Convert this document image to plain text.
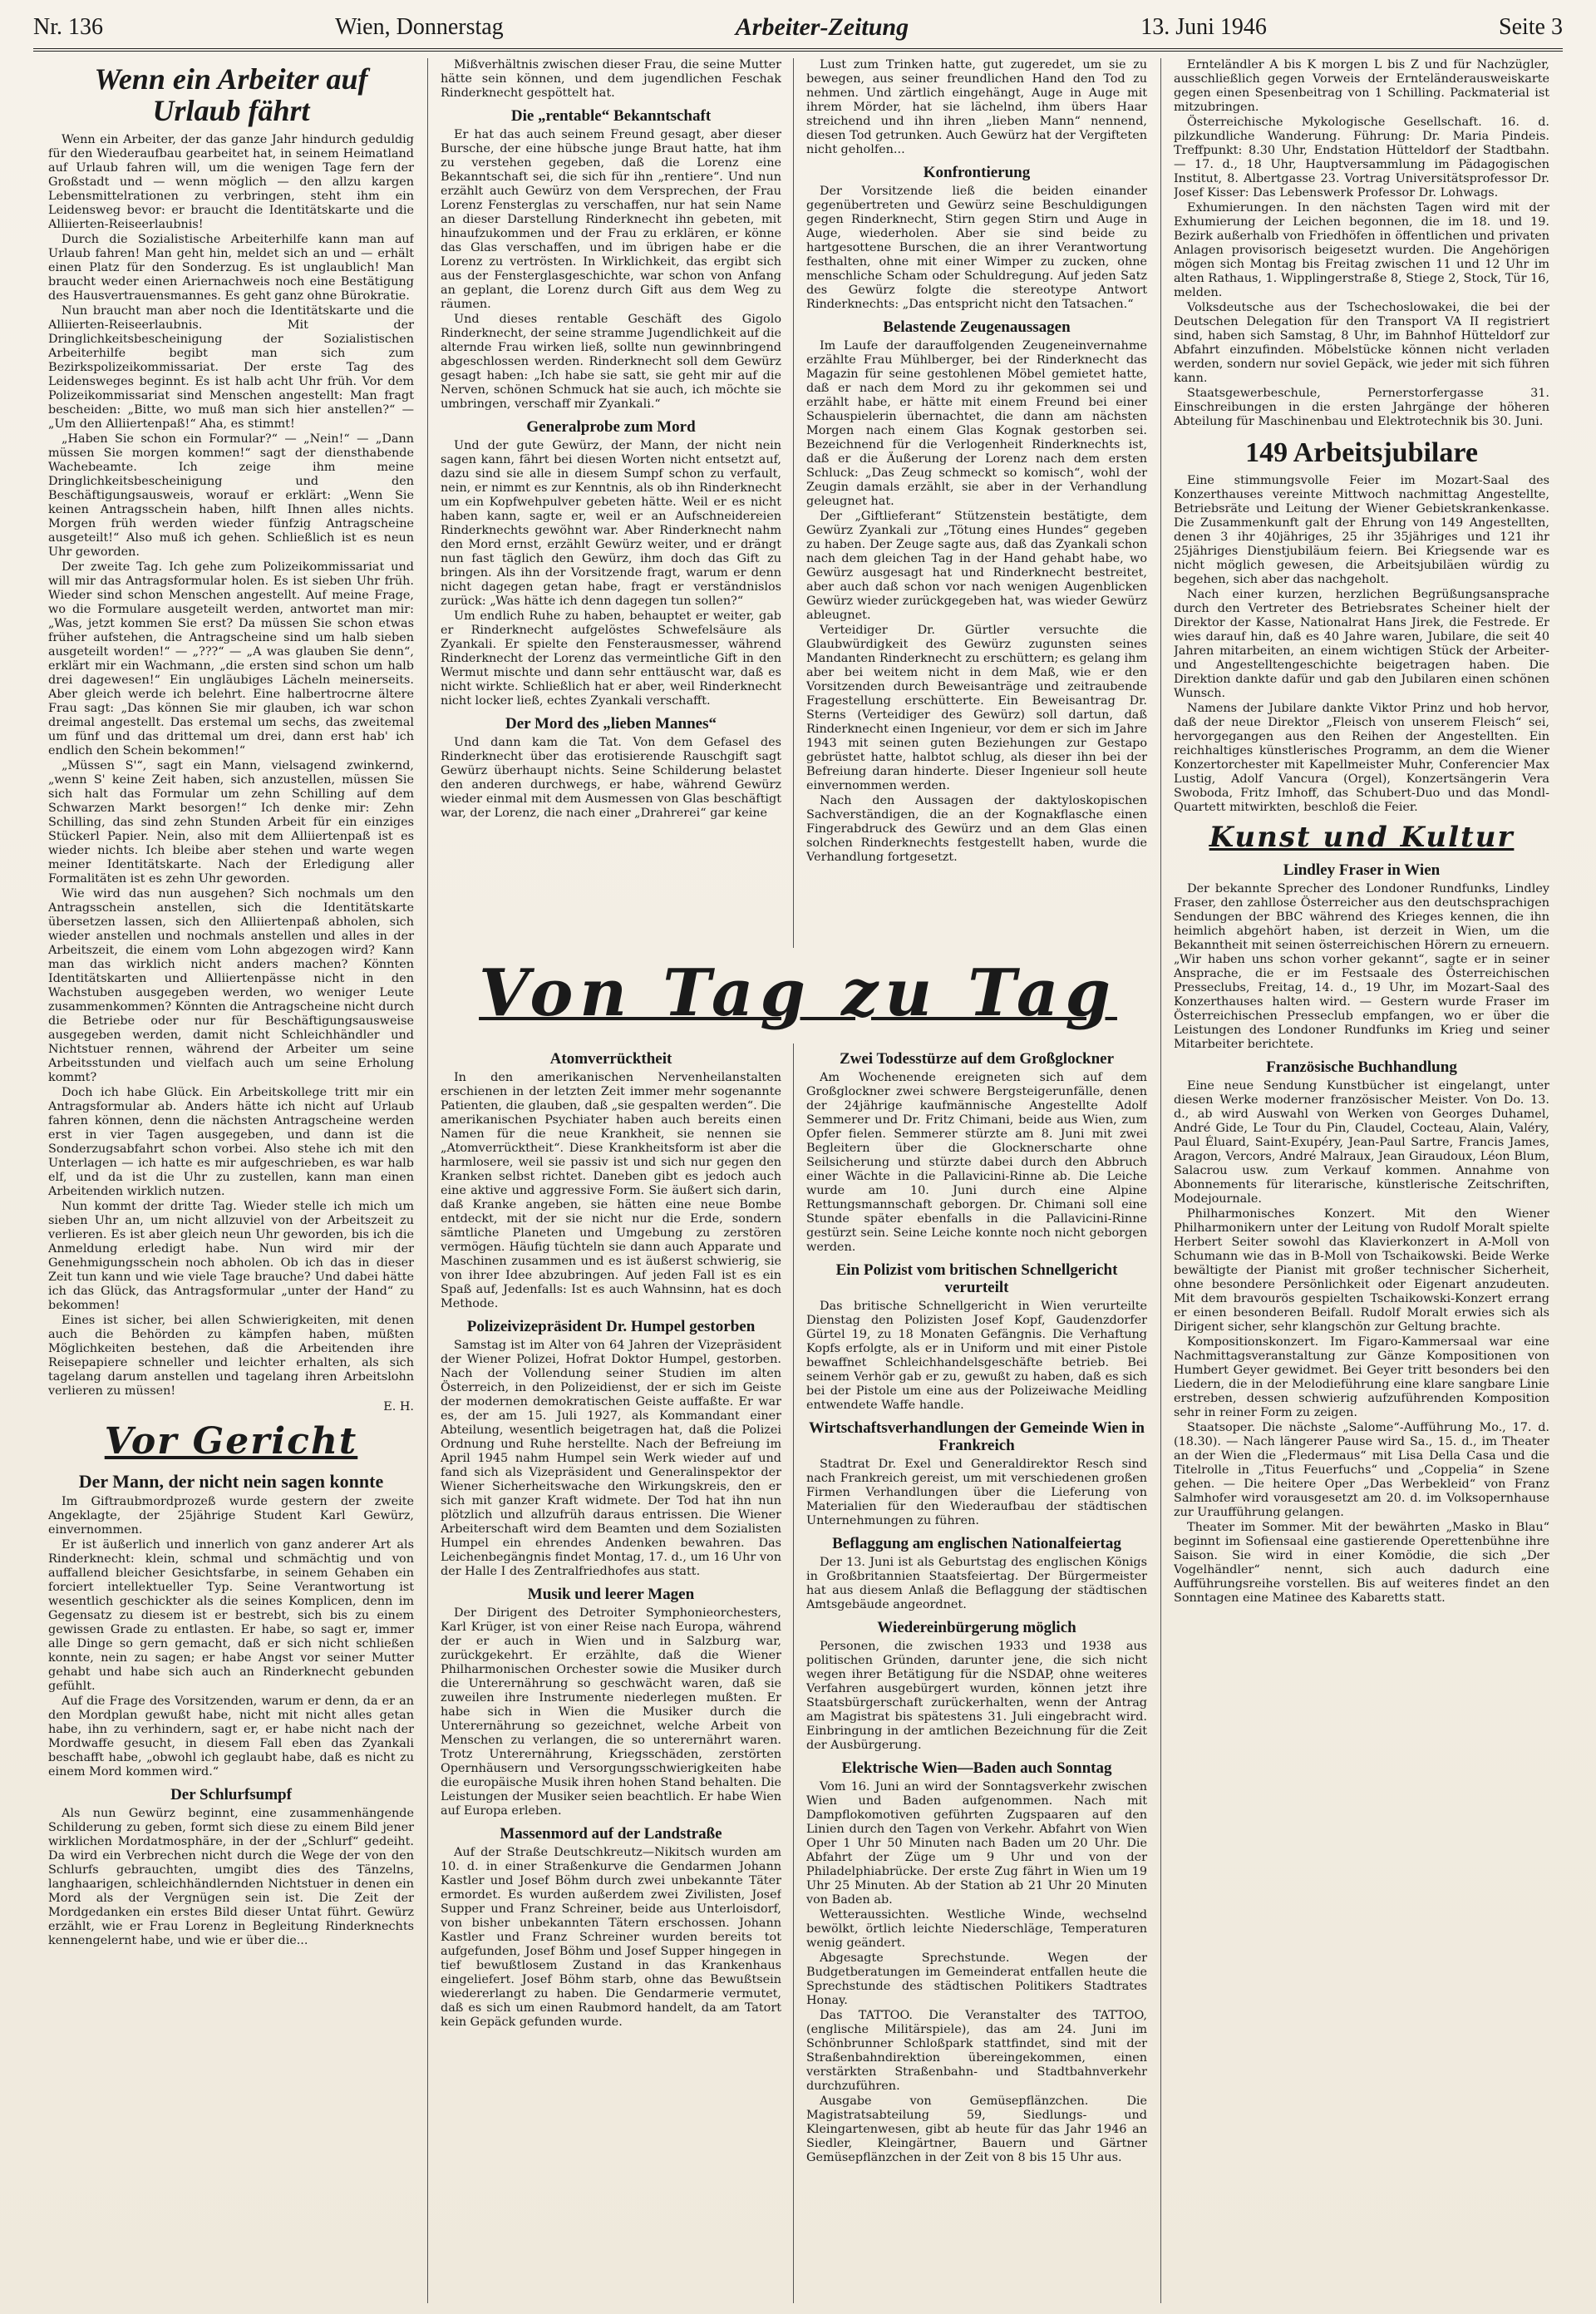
Nr. 136	Wien, Donnerstag	Arbeiter-Zeitung	13. Juni 1946	Seite 3
Wenn ein Arbeiter auf Urlaub fährt

Wenn ein Arbeiter, der das ganze Jahr hindurch geduldig für den Wiederaufbau gearbeitet hat, in seinem Heimatland auf Urlaub fahren will, um die wenigen Tage fern der Großstadt und — wenn möglich — den allzu kargen Lebensmittelrationen zu verbringen, steht ihm ein Leidensweg bevor: er braucht die Identitätskarte und die Alliierten-Reiseerlaubnis!

Durch die Sozialistische Arbeiterhilfe kann man auf Urlaub fahren! Man geht hin, meldet sich an und — erhält einen Platz für den Sonderzug. Es ist unglaublich! Man braucht weder einen Ariernachweis noch eine Bestätigung des Hausvertrauensmannes. Es geht ganz ohne Bürokratie.

Nun braucht man aber noch die Identitätskarte und die Alliierten-Reiseerlaubnis. Mit der Dringlichkeitsbescheinigung der Sozialistischen Arbeiterhilfe begibt man sich zum Bezirkspolizeikommissariat. Der erste Tag des Leidensweges beginnt. Es ist halb acht Uhr früh. Vor dem Polizeikommissariat sind Menschen angestellt: Man fragt bescheiden: „Bitte, wo muß man sich hier anstellen?“ — „Um den Alliiertenpaß!“ Aha, es stimmt!

„Haben Sie schon ein Formular?“ — „Nein!“ — „Dann müssen Sie morgen kommen!“ sagt der diensthabende Wachebeamte. Ich zeige ihm meine Dringlichkeitsbescheinigung und den Beschäftigungsausweis, worauf er erklärt: „Wenn Sie keinen Antragsschein haben, hilft Ihnen alles nichts. Morgen früh werden wieder fünfzig Antragscheine ausgeteilt!“ Also muß ich gehen. Schließlich ist es neun Uhr geworden.

Der zweite Tag. Ich gehe zum Polizeikommissariat und will mir das Antragsformular holen. Es ist sieben Uhr früh. Wieder sind schon Menschen angestellt. Auf meine Frage, wo die Formulare ausgeteilt werden, antwortet man mir: „Was, jetzt kommen Sie erst? Da müssen Sie schon etwas früher aufstehen, die Antragscheine sind um halb sieben ausgeteilt worden!“ — „???“ — „A was glauben Sie denn“, erklärt mir ein Wachmann, „die ersten sind schon um halb drei dagewesen!“ Ein ungläubiges Lächeln meinerseits. Aber gleich werde ich belehrt. Eine halbertrocrne ältere Frau sagt: „Das können Sie mir glauben, ich war schon dreimal angestellt. Das erstemal um sechs, das zweitemal um fünf und das drittemal um drei, dann erst hab' ich endlich den Schein bekommen!“

„Müssen S'“, sagt ein Mann, vielsagend zwinkernd, „wenn S' keine Zeit haben, sich anzustellen, müssen Sie sich halt das Formular um zehn Schilling auf dem Schwarzen Markt besorgen!“ Ich denke mir: Zehn Schilling, das sind zehn Stunden Arbeit für ein einziges Stückerl Papier. Nein, also mit dem Alliiertenpaß ist es wieder nichts. Ich bleibe aber stehen und warte wegen meiner Identitätskarte. Nach der Erledigung aller Formalitäten ist es zehn Uhr geworden.

Wie wird das nun ausgehen? Sich nochmals um den Antragsschein anstellen, sich die Identitätskarte übersetzen lassen, sich den Alliiertenpaß abholen, sich wieder anstellen und nochmals anstellen und alles in der Arbeitszeit, die einem vom Lohn abgezogen wird? Kann man das wirklich nicht anders machen? Könnten Identitätskarten und Alliiertenpässe nicht in den Wachstuben ausgegeben werden, wo weniger Leute zusammenkommen? Könnten die Antragscheine nicht durch die Betriebe oder nur für Beschäftigungsausweise ausgegeben werden, damit nicht Schleichhändler und Nichtstuer rennen, während der Arbeiter um seine Arbeitsstunden und vielfach auch um seine Erholung kommt?

Doch ich habe Glück. Ein Arbeitskollege tritt mir ein Antragsformular ab. Anders hätte ich nicht auf Urlaub fahren können, denn die nächsten Antragscheine werden erst in vier Tagen ausgegeben, und dann ist die Sonderzugsabfahrt schon vorbei. Also stehe ich mit den Unterlagen — ich hatte es mir aufgeschrieben, es war halb elf, und da ist die Uhr zu zustellen, kann man einen Arbeitenden wirklich nutzen.

Nun kommt der dritte Tag. Wieder stelle ich mich um sieben Uhr an, um nicht allzuviel von der Arbeitszeit zu verlieren. Es ist aber gleich neun Uhr geworden, bis ich die Anmeldung erledigt habe. Nun wird mir der Genehmigungsschein noch abholen. Ob ich das in dieser Zeit tun kann und wie viele Tage brauche? Und dabei hätte ich das Glück, das Antragsformular „unter der Hand“ zu bekommen!

Eines ist sicher, bei allen Schwierigkeiten, mit denen auch die Behörden zu kämpfen haben, müßten Möglichkeiten bestehen, daß die Arbeitenden ihre Reisepapiere schneller und leichter erhalten, als sich tagelang darum anstellen und tagelang ihren Arbeitslohn verlieren zu müssen!

E. H.
Vor Gericht
Der Mann, der nicht nein sagen konnte

Im Giftraubmordprozeß wurde gestern der zweite Angeklagte, der 25jährige Student Karl Gewürz, einvernommen.

Er ist äußerlich und innerlich von ganz anderer Art als Rinderknecht: klein, schmal und schmächtig und von auffallend bleicher Gesichtsfarbe, in seinem Gehaben ein forciert intellektueller Typ. Seine Verantwortung ist wesentlich geschickter als die seines Komplicen, denn im Gegensatz zu diesem ist er bestrebt, sich bis zu einem gewissen Grade zu entlasten. Er habe, so sagt er, immer alle Dinge so gern gemacht, daß er sich nicht schließen konnte, nein zu sagen; er habe Angst vor seiner Mutter gehabt und habe sich auch an Rinderknecht gebunden gefühlt.

Auf die Frage des Vorsitzenden, warum er denn, da er an den Mordplan gewußt habe, nicht mit nicht alles getan habe, ihn zu verhindern, sagt er, er habe nicht nach der Mordwaffe gesucht, in diesem Fall eben das Zyankali beschafft habe, „obwohl ich geglaubt habe, daß es nicht zu einem Mord kommen wird.“

Der Schlurfsumpf

Als nun Gewürz beginnt, eine zusammenhängende Schilderung zu geben, formt sich diese zu einem Bild jener wirklichen Mordatmosphäre, in der der „Schlurf“ gedeiht. Da wird ein Verbrechen nicht durch die Wege der von den Schlurfs gebrauchten, umgibt dies des Tänzelns, langhaarigen, schleichhändlernden Nichtstuer in denen ein Mord als der Vergnügen sein ist. Die Zeit der Mordgedanken ein erstes Bild dieser Untat führt. Gewürz erzählt, wie er Frau Lorenz in Begleitung Rinderknechts kennengelernt habe, und wie er über die...

Mißverhältnis zwischen dieser Frau, die seine Mutter hätte sein können, und dem jugendlichen Feschak Rinderknecht gespöttelt hat.

Die „rentable“ Bekanntschaft

Er hat das auch seinem Freund gesagt, aber dieser Bursche, der eine hübsche junge Braut hatte, hat ihm zu verstehen gegeben, daß die Lorenz eine Bekanntschaft sei, die sich für ihn „rentiere“. Und nun erzählt auch Gewürz von dem Versprechen, der Frau Lorenz Fensterglas zu verschaffen, nur hat sein Name an dieser Darstellung Rinderknecht ihn gebeten, mit hinaufzukommen und der Frau zu erklären, er könne das Glas verschaffen, und im übrigen habe er die Lorenz zu vertrösten. In Wirklichkeit, das ergibt sich aus der Fensterglasgeschichte, war schon von Anfang an geplant, die Lorenz durch Gift aus dem Weg zu räumen.

Und dieses rentable Geschäft des Gigolo Rinderknecht, der seine stramme Jugendlichkeit auf die alternde Frau wirken ließ, sollte nun gewinnbringend abgeschlossen werden. Rinderknecht soll dem Gewürz gesagt haben: „Ich habe sie satt, sie geht mir auf die Nerven, schönen Schmuck hat sie auch, ich möchte sie umbringen, verschaff mir Zyankali.“

Generalprobe zum Mord

Und der gute Gewürz, der Mann, der nicht nein sagen kann, fährt bei diesen Worten nicht entsetzt auf, dazu sind sie alle in diesem Sumpf schon zu verfault, nein, er nimmt es zur Kenntnis, als ob ihn Rinderknecht um ein Kopfwehpulver gebeten hätte. Weil er es nicht haben kann, sagte er, weil er an Aufschneidereien Rinderknechts gewöhnt war. Aber Rinderknecht nahm den Mord ernst, erzählt Gewürz weiter, und er drängt nun fast täglich den Gewürz, ihm doch das Gift zu bringen. Als ihn der Vorsitzende fragt, warum er denn nicht dagegen getan habe, fragt er verständnislos zurück: „Was hätte ich denn dagegen tun sollen?“

Um endlich Ruhe zu haben, behauptet er weiter, gab er Rinderknecht aufgelöstes Schwefelsäure als Zyankali. Er spielte den Fensterausmesser, während Rinderknecht der Lorenz das vermeintliche Gift in den Wermut mischte und dann sehr enttäuscht war, daß es nicht wirkte. Schließlich hat er aber, weil Rinderknecht nicht locker ließ, echtes Zyankali verschafft.

Der Mord des „lieben Mannes“

Und dann kam die Tat. Von dem Gefasel des Rinderknecht über das erotisierende Rauschgift sagt Gewürz überhaupt nichts. Seine Schilderung belastet den anderen durchwegs, er habe, während Gewürz wieder einmal mit dem Ausmessen von Glas beschäftigt war, der Lorenz, die nach einer „Drahrerei“ gar keine

Lust zum Trinken hatte, gut zugeredet, um sie zu bewegen, aus seiner freundlichen Hand den Tod zu nehmen. Und zärtlich eingehängt, Auge in Auge mit ihrem Mörder, hat sie lächelnd, ihm übers Haar streichend und ihn ihren „lieben Mann“ nennend, diesen Tod getrunken. Auch Gewürz hat der Vergifteten nicht geholfen...

Konfrontierung

Der Vorsitzende ließ die beiden einander gegenübertreten und Gewürz seine Beschuldigungen gegen Rinderknecht, Stirn gegen Stirn und Auge in Auge, wiederholen. Aber sie sind beide zu hartgesottene Burschen, die an ihrer Verantwortung festhalten, ohne mit einer Wimper zu zucken, ohne menschliche Scham oder Schuldregung. Auf jeden Satz des Gewürz folgte die stereotype Antwort Rinderknechts: „Das entspricht nicht den Tatsachen.“

Belastende Zeugenaussagen

Im Laufe der darauffolgenden Zeugeneinvernahme erzählte Frau Mühlberger, bei der Rinderknecht das Magazin für seine gestohlenen Möbel gemietet hatte, daß er nach dem Mord zu ihr gekommen sei und erzählt habe, er hätte mit einem Freund bei einer Schauspielerin übernachtet, die dann am nächsten Morgen nach einem Glas Kognak gestorben sei. Bezeichnend für die Verlogenheit Rinderknechts ist, daß er die Äußerung der Lorenz nach dem ersten Schluck: „Das Zeug schmeckt so komisch“, wohl der Zeugin damals erzählt, sie aber in der Verhandlung geleugnet hat.

Der „Giftlieferant“ Stützenstein bestätigte, dem Gewürz Zyankali zur „Tötung eines Hundes“ gegeben zu haben. Der Zeuge sagte aus, daß das Zyankali schon nach dem gleichen Tag in der Hand gehabt habe, wo Gewürz ausgesagt hat und Rinderknecht bestreitet, aber auch daß schon vor nach wenigen Augenblicken Gewürz wieder zurückgegeben hat, was wieder Gewürz ableugnet.

Verteidiger Dr. Gürtler versuchte die Glaubwürdigkeit des Gewürz zugunsten seines Mandanten Rinderknecht zu erschüttern; es gelang ihm aber bei weitem nicht in dem Maß, wie er den Vorsitzenden durch Beweisanträge und zeitraubende Fragestellung erschütterte. Ein Beweisantrag Dr. Sterns (Verteidiger des Gewürz) soll dartun, daß Rinderknecht einen Ingenieur, vor dem er sich im Jahre 1943 mit seinen guten Beziehungen zur Gestapo gebrüstet hatte, halbtot schlug, als dieser ihn bei der Befreiung daran hinderte. Dieser Ingenieur soll heute einvernommen werden.

Nach den Aussagen der daktyloskopischen Sachverständigen, die an der Kognakflasche einen Fingerabdruck des Gewürz und an dem Glas einen solchen Rinderknechts festgestellt haben, wurde die Verhandlung fortgesetzt.

Von Tag zu Tag
Atomverrücktheit

In den amerikanischen Nervenheilanstalten erschienen in der letzten Zeit immer mehr sogenannte Patienten, die glauben, daß „sie gespalten werden“. Die amerikanischen Psychiater haben auch bereits einen Namen für die neue Krankheit, sie nennen sie „Atomverrücktheit“. Diese Krankheitsform ist aber die harmlosere, weil sie passiv ist und sich nur gegen den Kranken selbst richtet. Daneben gibt es jedoch auch eine aktive und aggressive Form. Sie äußert sich darin, daß Kranke angeben, sie hätten eine neue Bombe entdeckt, mit der sie nicht nur die Erde, sondern sämtliche Planeten und Umgebung zu zerstören vermögen. Häufig tüchteln sie dann auch Apparate und Maschinen zusammen und es ist äußerst schwierig, sie von ihrer Idee abzubringen. Auf jeden Fall ist es ein Spaß auf, Jedenfalls: Ist es auch Wahnsinn, hat es doch Methode.

Polizeivizepräsident Dr. Humpel gestorben

Samstag ist im Alter von 64 Jahren der Vizepräsident der Wiener Polizei, Hofrat Doktor Humpel, gestorben. Nach der Vollendung seiner Studien im alten Österreich, in den Polizeidienst, der er sich im Geiste der modernen demokratischen Geiste auffaßte. Er war es, der am 15. Juli 1927, als Kommandant einer Abteilung, wesentlich beigetragen hat, daß die Polizei Ordnung und Ruhe herstellte. Nach der Befreiung im April 1945 nahm Humpel sein Werk wieder auf und fand sich als Vizepräsident und Generalinspektor der Wiener Sicherheitswache den Wirkungskreis, den er sich mit ganzer Kraft widmete. Der Tod hat ihn nun plötzlich und allzufrüh daraus entrissen. Die Wiener Arbeiterschaft wird dem Beamten und dem Sozialisten Humpel ein ehrendes Andenken bewahren. Das Leichenbegängnis findet Montag, 17. d., um 16 Uhr von der Halle I des Zentralfriedhofes aus statt.

Musik und leerer Magen

Der Dirigent des Detroiter Symphonieorchesters, Karl Krüger, ist von einer Reise nach Europa, während der er auch in Wien und in Salzburg war, zurückgekehrt. Er erzählte, daß die Wiener Philharmonischen Orchester sowie die Musiker durch die Unterernährung so geschwächt waren, daß sie zuweilen ihre Instrumente niederlegen mußten. Er habe sich in Wien die Musiker durch die Unterernährung so gezeichnet, welche Arbeit von Menschen zu verlangen, die so unterernährt waren. Trotz Unterernährung, Kriegsschäden, zerstörten Opernhäusern und Versorgungsschwierigkeiten habe die europäische Musik ihren hohen Stand behalten. Die Leistungen der Musiker seien beachtlich. Er habe Wien auf Europa erleben.

Massenmord auf der Landstraße

Auf der Straße Deutschkreutz—Nikitsch wurden am 10. d. in einer Straßenkurve die Gendarmen Johann Kastler und Josef Böhm durch zwei unbekannte Täter ermordet. Es wurden außerdem zwei Zivilisten, Josef Supper und Franz Schreiner, beide aus Unterloisdorf, von bisher unbekannten Tätern erschossen. Johann Kastler und Franz Schreiner wurden bereits tot aufgefunden, Josef Böhm und Josef Supper hingegen in tief bewußtlosem Zustand in das Krankenhaus eingeliefert. Josef Böhm starb, ohne das Bewußtsein wiedererlangt zu haben. Die Gendarmerie vermutet, daß es sich um einen Raubmord handelt, da am Tatort kein Gepäck gefunden wurde.

Zwei Todesstürze auf dem Großglockner

Am Wochenende ereigneten sich auf dem Großglockner zwei schwere Bergsteigerunfälle, denen der 24jährige kaufmännische Angestellte Adolf Semmerer und Dr. Fritz Chimani, beide aus Wien, zum Opfer fielen. Semmerer stürzte am 8. Juni mit zwei Begleitern über die Glocknerscharte ohne Seilsicherung und stürzte dabei durch den Abbruch einer Wächte in die Pallavicini-Rinne ab. Die Leiche wurde am 10. Juni durch eine Alpine Rettungsmannschaft geborgen. Dr. Chimani soll eine Stunde später ebenfalls in die Pallavicini-Rinne gestürzt sein. Seine Leiche konnte noch nicht geborgen werden.

Ein Polizist vom britischen Schnellgericht verurteilt

Das britische Schnellgericht in Wien verurteilte Dienstag den Polizisten Josef Kopf, Gaudenzdorfer Gürtel 19, zu 18 Monaten Gefängnis. Die Verhaftung Kopfs erfolgte, als er in Uniform und mit einer Pistole bewaffnet Schleichhandelsgeschäfte betrieb. Bei seinem Verhör gab er zu, gewußt zu haben, daß es sich bei der Pistole um eine aus der Polizeiwache Meidling entwendete Waffe handle.

Wirtschaftsverhandlungen der Gemeinde Wien in Frankreich

Stadtrat Dr. Exel und Generaldirektor Resch sind nach Frankreich gereist, um mit verschiedenen großen Firmen Verhandlungen über die Lieferung von Materialien für den Wiederaufbau der städtischen Unternehmungen zu führen.

Beflaggung am englischen Nationalfeiertag

Der 13. Juni ist als Geburtstag des englischen Königs in Großbritannien Staatsfeiertag. Der Bürgermeister hat aus diesem Anlaß die Beflaggung der städtischen Amtsgebäude angeordnet.

Wiedereinbürgerung möglich

Personen, die zwischen 1933 und 1938 aus politischen Gründen, darunter jene, die sich nicht wegen ihrer Betätigung für die NSDAP, ohne weiteres Verfahren ausgebürgert wurden, können jetzt ihre Staatsbürgerschaft zurückerhalten, wenn der Antrag am Magistrat bis spätestens 31. Juli eingebracht wird. Einbringung in der amtlichen Bezeichnung für die Zeit der Ausbürgerung.

Elektrische Wien—Baden auch Sonntag

Vom 16. Juni an wird der Sonntagsverkehr zwischen Wien und Baden aufgenommen. Nach mit Dampflokomotiven geführten Zugspaaren auf den Linien durch den Tagen von Verkehr. Abfahrt von Wien Oper 1 Uhr 50 Minuten nach Baden um 20 Uhr. Die Abfahrt der Züge um 9 Uhr und von der Philadelphiabrücke. Der erste Zug fährt in Wien um 19 Uhr 25 Minuten. Ab der Station ab 21 Uhr 20 Minuten von Baden ab.

Wetteraussichten. Westliche Winde, wechselnd bewölkt, örtlich leichte Niederschläge, Temperaturen wenig geändert.

Abgesagte Sprechstunde. Wegen der Budgetberatungen im Gemeinderat entfallen heute die Sprechstunde des städtischen Politikers Stadtrates Honay.

Das TATTOO. Die Veranstalter des TATTOO, (englische Militärspiele), das am 24. Juni im Schönbrunner Schloßpark stattfindet, sind mit der Straßenbahndirektion übereingekommen, einen verstärkten Straßenbahn- und Stadtbahnverkehr durchzuführen.

Ausgabe von Gemüsepflänzchen. Die Magistratsabteilung 59, Siedlungs- und Kleingartenwesen, gibt ab heute für das Jahr 1946 an Siedler, Kleingärtner, Bauern und Gärtner Gemüsepflänzchen in der Zeit von 8 bis 15 Uhr aus.

Ernteländler A bis K morgen L bis Z und für Nachzügler, ausschließlich gegen Vorweis der Ernteländerausweiskarte gegen einen Spesenbeitrag von 1 Schilling. Packmaterial ist mitzubringen.

Österreichische Mykologische Gesellschaft. 16. d. pilzkundliche Wanderung. Führung: Dr. Maria Pindeis. Treffpunkt: 8.30 Uhr, Endstation Hütteldorf der Stadtbahn. — 17. d., 18 Uhr, Hauptversammlung im Pädagogischen Institut, 8. Albertgasse 23. Vortrag Universitätsprofessor Dr. Josef Kisser: Das Lebenswerk Professor Dr. Lohwags.

Exhumierungen. In den nächsten Tagen wird mit der Exhumierung der Leichen begonnen, die im 18. und 19. Bezirk außerhalb von Friedhöfen in öffentlichen und privaten Anlagen provisorisch beigesetzt wurden. Die Angehörigen mögen sich Montag bis Freitag zwischen 11 und 12 Uhr im alten Rathaus, 1. Wipplingerstraße 8, Stiege 2, Stock, Tür 16, melden.

Volksdeutsche aus der Tschechoslowakei, die bei der Deutschen Delegation für den Transport VA II registriert sind, haben sich Samstag, 8 Uhr, im Bahnhof Hütteldorf zur Abfahrt einzufinden. Möbelstücke können nicht verladen werden, sondern nur soviel Gepäck, wie jeder mit sich führen kann.

Staatsgewerbeschule, Pernerstorfergasse 31. Einschreibungen in die ersten Jahrgänge der höheren Abteilung für Maschinenbau und Elektrotechnik bis 30. Juni.

149 Arbeitsjubilare

Eine stimmungsvolle Feier im Mozart-Saal des Konzerthauses vereinte Mittwoch nachmittag Angestellte, Betriebsräte und Leitung der Wiener Gebietskrankenkasse. Die Zusammenkunft galt der Ehrung von 149 Angestellten, denen 3 ihr 40jähriges, 25 ihr 35jähriges und 121 ihr 25jähriges Dienstjubiläum feiern. Bei Kriegsende war es nicht möglich gewesen, die Arbeitsjubiläen würdig zu begehen, sich aber das nachgeholt.

Nach einer kurzen, herzlichen Begrüßungsansprache durch den Vertreter des Betriebsrates Scheiner hielt der Direktor der Kasse, Nationalrat Hans Jirek, die Festrede. Er wies darauf hin, daß es 40 Jahre waren, Jubilare, die seit 40 Jahren mitarbeiten, an einem wichtigen Stück der Arbeiter- und Angestelltengeschichte beigetragen haben. Die Direktion dankte dafür und gab den Jubilaren einen schönen Wunsch.

Namens der Jubilare dankte Viktor Prinz und hob hervor, daß der neue Direktor „Fleisch von unserem Fleisch“ sei, hervorgegangen aus den Reihen der Angestellten. Ein reichhaltiges künstlerisches Programm, an dem die Wiener Konzertorchester mit Kapellmeister Muhr, Conferencier Max Lustig, Adolf Vancura (Orgel), Konzertsängerin Vera Swoboda, Fritz Imhoff, das Schubert-Duo und das Mondl-Quartett mitwirkten, beschloß die Feier.

Kunst und Kultur
Lindley Fraser in Wien

Der bekannte Sprecher des Londoner Rundfunks, Lindley Fraser, den zahllose Österreicher aus den deutschsprachigen Sendungen der BBC während des Krieges kennen, die ihn heimlich abgehört haben, ist derzeit in Wien, um die Bekanntheit mit seinen österreichischen Hörern zu erneuern. „Wir haben uns schon vorher gekannt“, sagte er in seiner Ansprache, die er im Festsaale des Österreichischen Presseclubs, Freitag, 14. d., 19 Uhr, im Mozart-Saal des Konzerthauses halten wird. — Gestern wurde Fraser im Österreichischen Presseclub empfangen, wo er über die Leistungen des Londoner Rundfunks im Krieg und seiner Mitarbeiter berichtete.

Französische Buchhandlung

Eine neue Sendung Kunstbücher ist eingelangt, unter diesen Werke moderner französischer Meister. Von Do. 13. d., ab wird Auswahl von Werken von Georges Duhamel, André Gide, Le Tour du Pin, Claudel, Cocteau, Alain, Valéry, Paul Éluard, Saint-Exupéry, Jean-Paul Sartre, Francis James, Aragon, Vercors, André Malraux, Jean Giraudoux, Léon Blum, Salacrou usw. zum Verkauf kommen. Annahme von Abonnements für literarische, künstlerische Zeitschriften, Modejournale.

Philharmonisches Konzert. Mit den Wiener Philharmonikern unter der Leitung von Rudolf Moralt spielte Herbert Seiter sowohl das Klavierkonzert in A-Moll von Schumann wie das in B-Moll von Tschaikowski. Beide Werke bewältigte der Pianist mit großer technischer Sicherheit, ohne besondere Persönlichkeit oder Eigenart anzudeuten. Mit dem bravourös gespielten Tschaikowski-Konzert errang er einen besonderen Beifall. Rudolf Moralt erwies sich als Dirigent sicher, sehr klangschön zur Geltung brachte.

Kompositionskonzert. Im Figaro-Kammersaal war eine Nachmittagsveranstaltung zur Gänze Kompositionen von Humbert Geyer gewidmet. Bei Geyer tritt besonders bei den Liedern, die in der Melodieführung eine klare sangbare Linie erstreben, dessen schwierig aufzuführenden Komposition sehr in reiner Form zu zeigen.

Staatsoper. Die nächste „Salome“-Aufführung Mo., 17. d. (18.30). — Nach längerer Pause wird Sa., 15. d., im Theater an der Wien die „Fledermaus“ mit Lisa Della Casa und die Titelrolle in „Titus Feuerfuchs“ und „Coppelia“ in Szene gehen. — Die heitere Oper „Das Werbekleid“ von Franz Salmhofer wird vorausgesetzt am 20. d. im Volksopernhause zur Uraufführung gelangen.

Theater im Sommer. Mit der bewährten „Masko in Blau“ beginnt im Sofiensaal eine gastierende Operettenbühne ihre Saison. Sie wird in einer Komödie, die sich „Der Vogelhändler“ nennt, sich auch dadurch eine Aufführungsreihe vorstellen. Bis auf weiteres findet an den Sonntagen eine Matinee des Kabaretts statt.
